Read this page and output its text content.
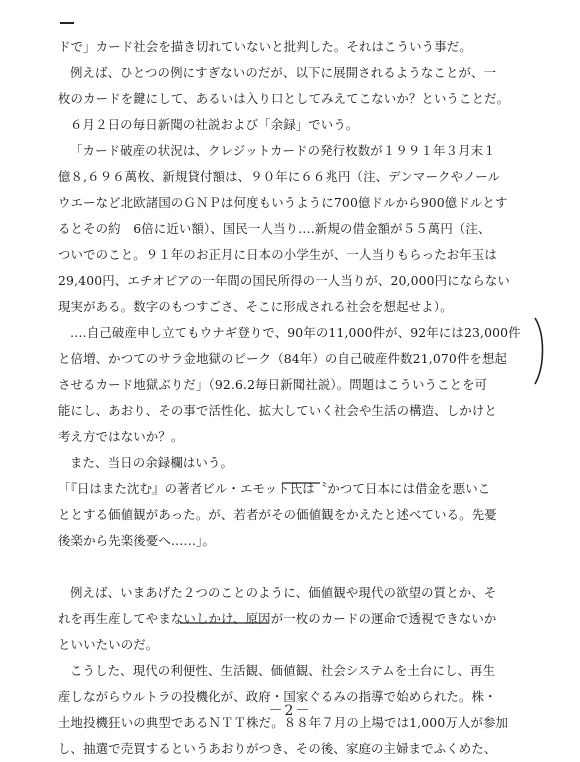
ドで」カード社会を描き切れていないと批判した。それはこういう事だ。
例えば、ひとつの例にすぎないのだが、以下に展開されるようなことが、一
枚のカードを鍵にして、あるいは入り口としてみえてこないか？ということだ。
６月２日の毎日新聞の社説および「余録」でいう。
「カード破産の状況は、クレジットカードの発行枚数が１９９１年３月末１
億８,６９６萬枚、新規貸付額は、９０年に６６兆円（注、デンマークやノール
ウエーなど北欧諸国のＧＮＰは何度もいうように700億ドルから900億ドルとす
るとその約　6倍に近い額）、国民一人当り‥‥新規の借金額が５５萬円（注、
ついでのこと。９１年のお正月に日本の小学生が、一人当りもらったお年玉は
29,400円、エチオピアの一年間の国民所得の一人当りが、20,000円にならない
現実がある。数字のもつすごさ、そこに形成される社会を想起せよ）。
‥‥自己破産申し立てもウナギ登りで、90年の11,000件が、92年には23,000件
と倍増、かつてのサラ金地獄のピーク（84年）の自己破産件数21,070件を想起
させるカード地獄ぶりだ」（92.6.2毎日新聞社説）。問題はこういうことを可
能にし、あおり、その事で活性化、拡大していく社会や生活の構造、しかけと
考え方ではないか？。
また、当日の余録欄はいう。
「『日はまた沈む』の著者ビル・エモット氏は〝かつて日本には借金を悪いこ
ととする価値観があった。が、若者がその価値観をかえたと述べている。先憂
後楽から先楽後憂へ‥‥‥」。
例えば、いまあげた２つのことのように、価値観や現代の欲望の質とか、そ
れを再生産してやまないしかけ、原因が一枚のカードの運命で透視できないか
といいたいのだ。
こうした、現代の利便性、生活観、価値観、社会システムを土台にし、再生
産しながらウルトラの投機化が、政府・国家ぐるみの指導で始められた。株・
土地投機狂いの典型であるＮＴＴ株だ。８８年７月の上場では1,000万人が参加
し、抽選で売買するというあおりがつき、その後、家庭の主婦までふくめた、
－2－
